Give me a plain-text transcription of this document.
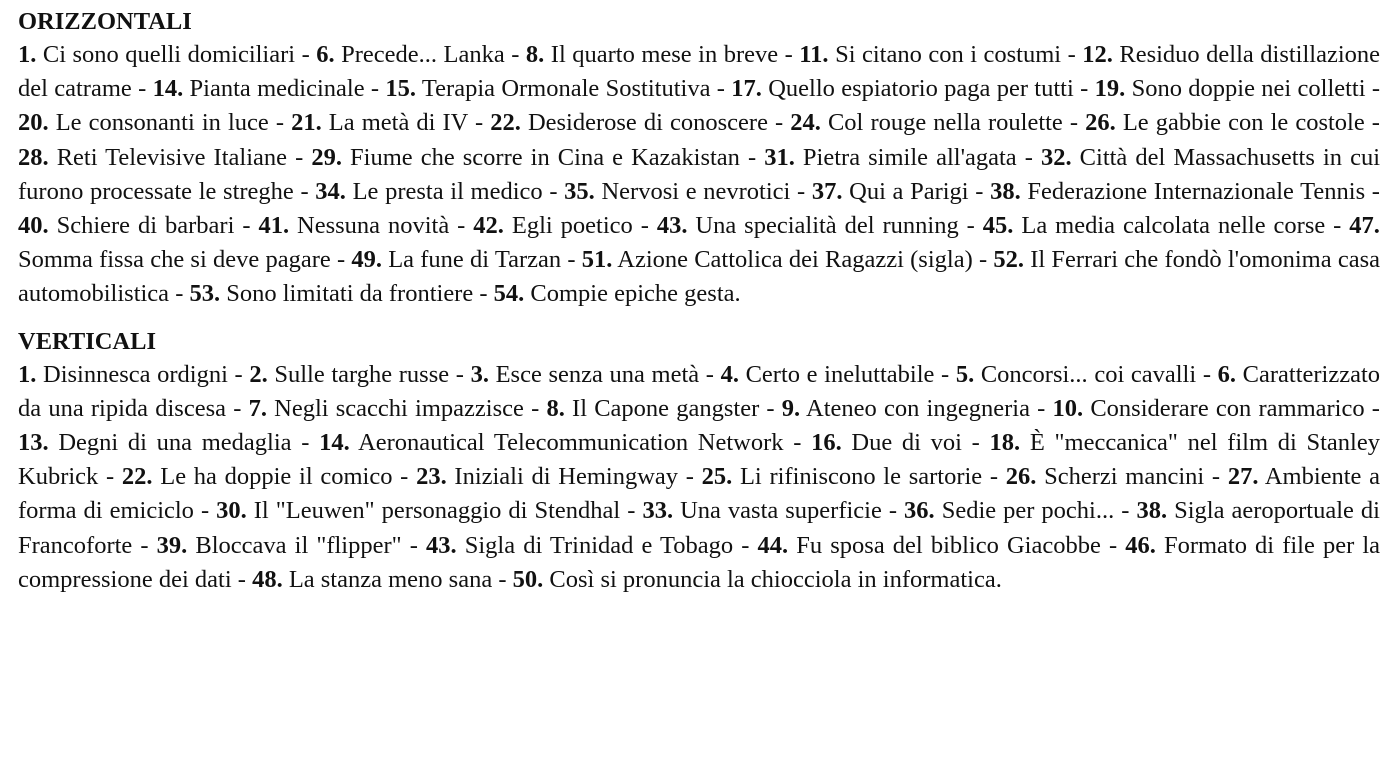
ORIZZONTALI

1. Ci sono quelli domiciliari - 6. Precede... Lanka - 8. Il quarto mese in breve - 11. Si citano con i costumi - 12. Residuo della distillazione del catrame - 14. Pianta medicinale - 15. Terapia Ormonale Sostitutiva - 17. Quello espiatorio paga per tutti - 19. Sono doppie nei colletti - 20. Le consonanti in luce - 21. La metà di IV - 22. Desiderose di conoscere - 24. Col rouge nella roulette - 26. Le gabbie con le costole - 28. Reti Televisive Italiane - 29. Fiume che scorre in Cina e Kazakistan - 31. Pietra simile all'agata - 32. Città del Massachusetts in cui furono processate le streghe - 34. Le presta il medico - 35. Nervosi e nevrotici - 37. Qui a Parigi - 38. Federazione Internazionale Tennis - 40. Schiere di barbari - 41. Nessuna novità - 42. Egli poetico - 43. Una specialità del running - 45. La media calcolata nelle corse - 47. Somma fissa che si deve pagare - 49. La fune di Tarzan - 51. Azione Cattolica dei Ragazzi (sigla) - 52. Il Ferrari che fondò l'omonima casa automobilistica - 53. Sono limitati da frontiere - 54. Compie epiche gesta.

VERTICALI

1. Disinnesca ordigni - 2. Sulle targhe russe - 3. Esce senza una metà - 4. Certo e ineluttabile - 5. Concorsi... coi cavalli - 6. Caratterizzato da una ripida discesa - 7. Negli scacchi impazzisce - 8. Il Capone gangster - 9. Ateneo con ingegneria - 10. Considerare con rammarico - 13. Degni di una medaglia - 14. Aeronautical Telecommunication Network - 16. Due di voi - 18. È "meccanica" nel film di Stanley Kubrick - 22. Le ha doppie il comico - 23. Iniziali di Hemingway - 25. Li rifiniscono le sartorie - 26. Scherzi mancini - 27. Ambiente a forma di emiciclo - 30. Il "Leuwen" personaggio di Stendhal - 33. Una vasta superficie - 36. Sedie per pochi... - 38. Sigla aeroportuale di Francoforte - 39. Bloccava il "flipper" - 43. Sigla di Trinidad e Tobago - 44. Fu sposa del biblico Giacobbe - 46. Formato di file per la compressione dei dati - 48. La stanza meno sana - 50. Così si pronuncia la chiocciola in informatica.
